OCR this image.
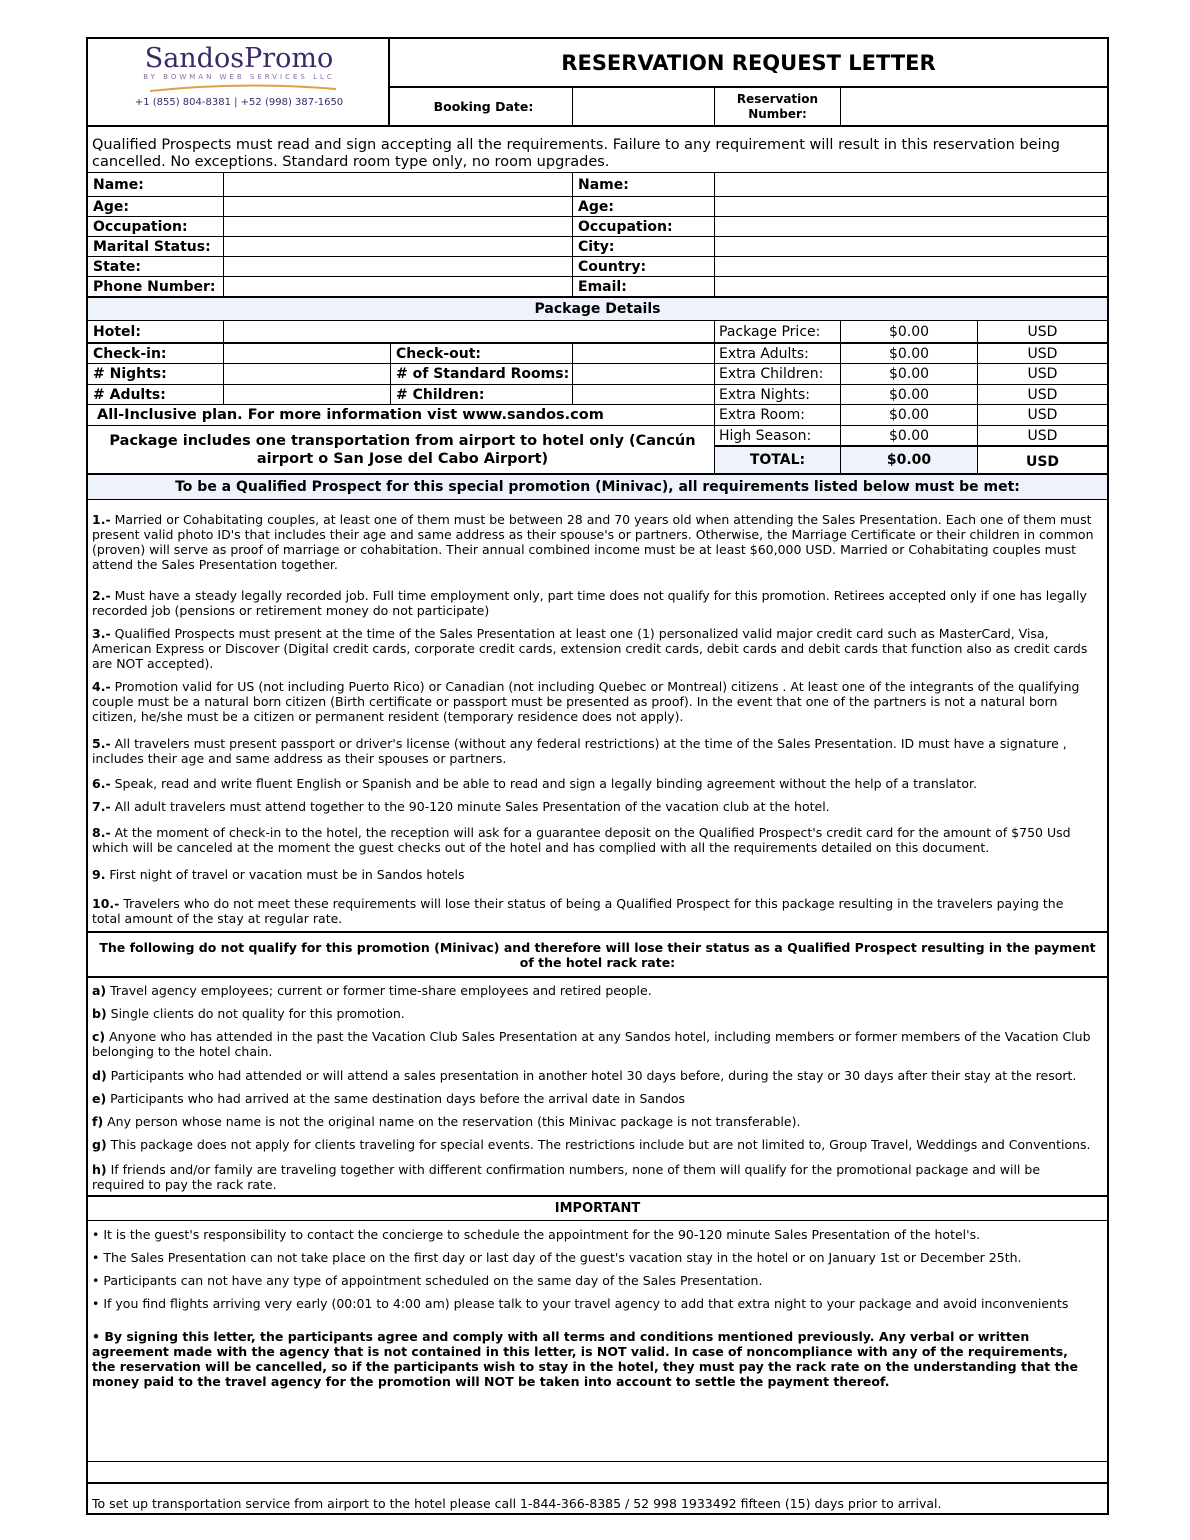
SandosPromo
BY BOWMAN WEB SERVICES LLC
+1 (855) 804-8381 | +52 (998) 387-1650
RESERVATION REQUEST LETTER
Booking Date:
Reservation Number:
Qualified Prospects must read and sign accepting all the requirements. Failure to any requirement will result in this reservation being cancelled. No exceptions. Standard room type only, no room upgrades.
Name:	Name:
Age:	Age:
Occupation:	Occupation:
Marital Status:	City:
State:	Country:
Phone Number:	Email:
Package Details
Hotel:
Check-in:	Check-out:
# Nights:	# of Standard Rooms:
# Adults:	# Children:
All-Inclusive plan. For more information vist www.sandos.com
Package includes one transportation from airport to hotel only (Cancún airport o San Jose del Cabo Airport)
Package Price:	$0.00	USD
Extra Adults:	$0.00	USD
Extra Children:	$0.00	USD
Extra Nights:	$0.00	USD
Extra Room:	$0.00	USD
High Season:	$0.00	USD
TOTAL:	$0.00	USD
To be a Qualified Prospect for this special promotion (Minivac), all requirements listed below must be met:
1.- Married or Cohabitating couples, at least one of them must be between 28 and 70 years old when attending the Sales Presentation. Each one of them must present valid photo ID's that includes their age and same address as their spouse's or partners. Otherwise, the Marriage Certificate or their children in common (proven) will serve as proof of marriage or cohabitation. Their annual combined income must be at least $60,000 USD. Married or Cohabitating couples must attend the Sales Presentation together.
2.- Must have a steady legally recorded job. Full time employment only, part time does not qualify for this promotion. Retirees accepted only if one has legally recorded job (pensions or retirement money do not participate)
3.- Qualified Prospects must present at the time of the Sales Presentation at least one (1) personalized valid major credit card such as MasterCard, Visa, American Express or Discover (Digital credit cards, corporate credit cards, extension credit cards, debit cards and debit cards that function also as credit cards are NOT accepted).
4.- Promotion valid for US (not including Puerto Rico) or Canadian (not including Quebec or Montreal) citizens . At least one of the integrants of the qualifying couple must be a natural born citizen (Birth certificate or passport must be presented as proof). In the event that one of the partners is not a natural born citizen, he/she must be a citizen or permanent resident (temporary residence does not apply).
5.- All travelers must present passport or driver's license (without any federal restrictions) at the time of the Sales Presentation. ID must have a signature , includes their age and same address as their spouses or partners.
6.- Speak, read and write fluent English or Spanish and be able to read and sign a legally binding agreement without the help of a translator.
7.- All adult travelers must attend together to the 90-120 minute Sales Presentation of the vacation club at the hotel.
8.- At the moment of check-in to the hotel, the reception will ask for a guarantee deposit on the Qualified Prospect's credit card for the amount of $750 Usd which will be canceled at the moment the guest checks out of the hotel and has complied with all the requirements detailed on this document.
9. First night of travel or vacation must be in Sandos hotels
10.- Travelers who do not meet these requirements will lose their status of being a Qualified Prospect for this package resulting in the travelers paying the total amount of the stay at regular rate.
The following do not qualify for this promotion (Minivac) and therefore will lose their status as a Qualified Prospect resulting in the payment of the hotel rack rate:
a) Travel agency employees; current or former time-share employees and retired people.
b) Single clients do not quality for this promotion.
c) Anyone who has attended in the past the Vacation Club Sales Presentation at any Sandos hotel, including members or former members of the Vacation Club belonging to the hotel chain.
d) Participants who had attended or will attend a sales presentation in another hotel 30 days before, during the stay or 30 days after their stay at the resort.
e) Participants who had arrived at the same destination days before the arrival date in Sandos
f) Any person whose name is not the original name on the reservation (this Minivac package is not transferable).
g) This package does not apply for clients traveling for special events. The restrictions include but are not limited to, Group Travel, Weddings and Conventions.
h) If friends and/or family are traveling together with different confirmation numbers, none of them will qualify for the promotional package and will be required to pay the rack rate.
IMPORTANT
• It is the guest's responsibility to contact the concierge to schedule the appointment for the 90-120 minute Sales Presentation of the hotel's.
• The Sales Presentation can not take place on the first day or last day of the guest's vacation stay in the hotel or on January 1st or December 25th.
• Participants can not have any type of appointment scheduled on the same day of the Sales Presentation.
• If you find flights arriving very early (00:01 to 4:00 am) please talk to your travel agency to add that extra night to your package and avoid inconvenients
• By signing this letter, the participants agree and comply with all terms and conditions mentioned previously. Any verbal or written agreement made with the agency that is not contained in this letter, is NOT valid. In case of noncompliance with any of the requirements, the reservation will be cancelled, so if the participants wish to stay in the hotel, they must pay the rack rate on the understanding that the money paid to the travel agency for the promotion will NOT be taken into account to settle the payment thereof.
To set up transportation service from airport to the hotel please call 1-844-366-8385 / 52 998 1933492 fifteen (15) days prior to arrival.
